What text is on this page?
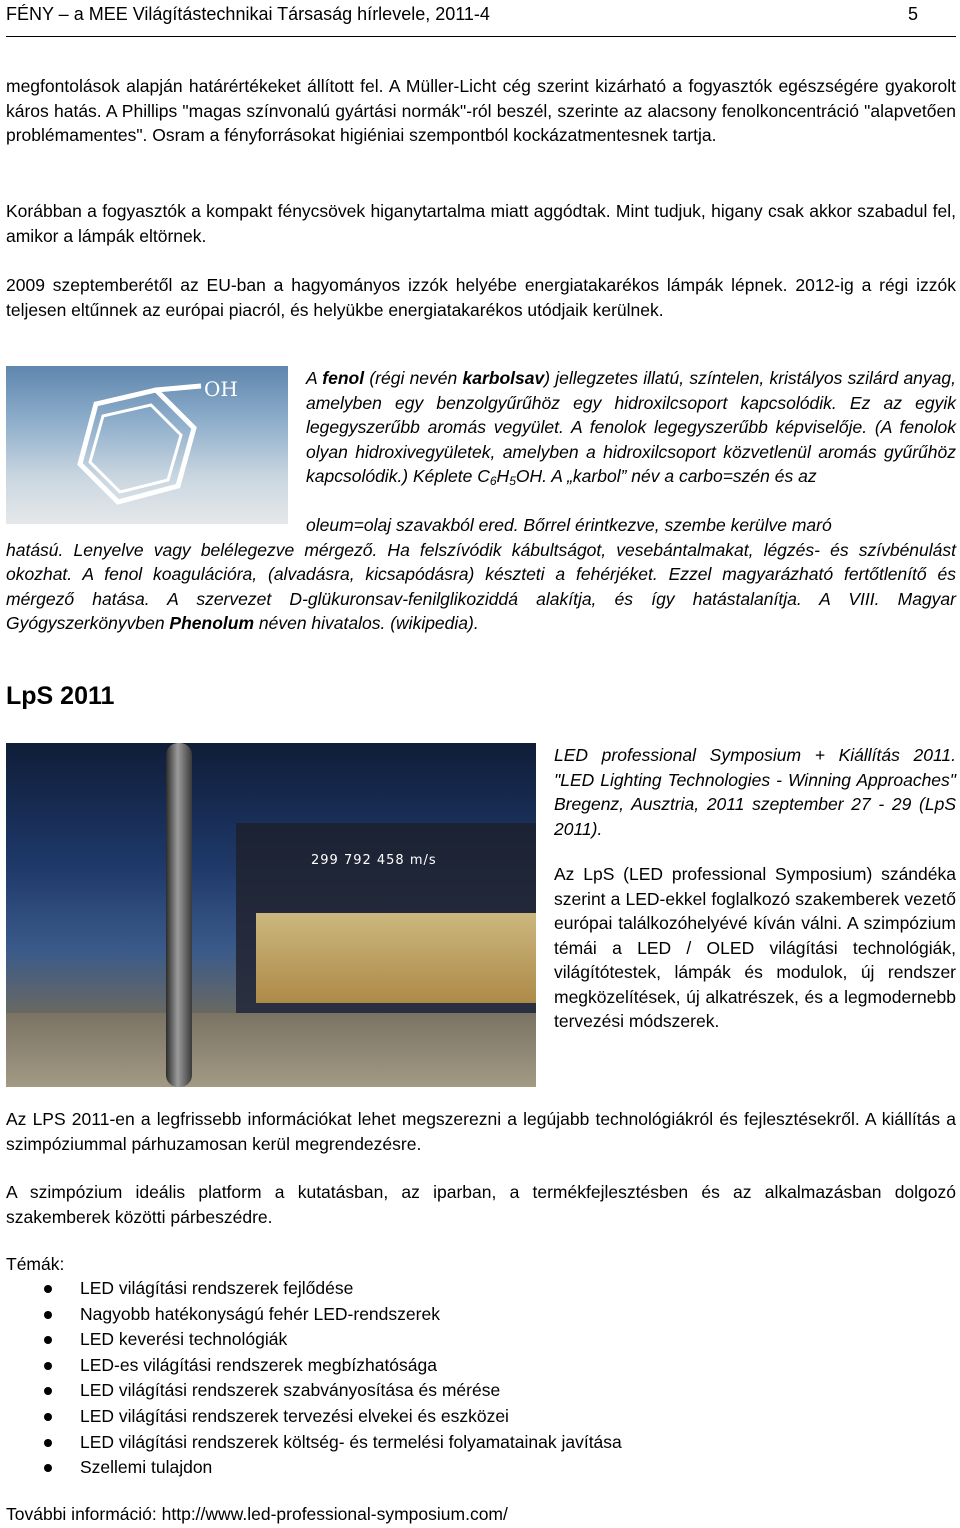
FÉNY – a MEE Világítástechnikai Társaság hírlevele, 2011-4	5

megfontolások alapján határértékeket állított fel. A Müller-Licht cég szerint kizárható a fogyasztók egészségére gyakorolt káros hatás. A Phillips "magas színvonalú gyártási normák"-ról beszél, szerinte az alacsony fenolkoncentráció "alapvetően problémamentes". Osram a fényforrásokat higiéniai szempontból kockázatmentesnek tartja.

Korábban a fogyasztók a kompakt fénycsövek higanytartalma miatt aggódtak. Mint tudjuk, higany csak akkor szabadul fel, amikor a lámpák eltörnek.

2009 szeptemberétől az EU-ban a hagyományos izzók helyébe energiatakarékos lámpák lépnek. 2012-ig a régi izzók teljesen eltűnnek az európai piacról, és helyükbe energiatakarékos utódjaik kerülnek.

OH	A fenol (régi nevén karbolsav) jellegzetes illatú, színtelen, kristályos szilárd anyag, amelyben egy benzolgyűrűhöz egy hidroxilcsoport kapcsolódik. Ez az egyik legegyszerűbb aromás vegyület. A fenolok legegyszerűbb képviselője. (A fenolok olyan hidroxivegyületek, amelyben a hidroxilcsoport közvetlenül aromás gyűrűhöz kapcsolódik.) Képlete $C_6H_5OH$. A „karbol” név a carbo=szén és az

oleum=olaj szavakból ered. Bőrrel érintkezve, szembe kerülve maró
hatású. Lenyelve vagy belélegezve mérgező. Ha felszívódik kábultságot, vesebántalmakat, légzés- és szívbénulást okozhat. A fenol koagulációra, (alvadásra, kicsapódásra) készteti a fehérjéket. Ezzel magyarázható fertőtlenítő és mérgező hatása. A szervezet D-glükuronsav-fenilglikoziddá alakítja, és így hatástalanítja. A VIII. Magyar Gyógyszerkönyvben Phenolum néven hivatalos. (wikipedia).

LpS 2011
299 792 458 m/s

LED professional Symposium + Kiállítás 2011. "LED Lighting Technologies - Winning Approaches" Bregenz, Ausztria, 2011 szeptember 27 - 29 (LpS 2011).

Az LpS (LED professional Symposium) szándéka szerint a LED-ekkel foglalkozó szakemberek vezető európai találkozóhelyévé kíván válni. A szimpózium témái a LED / OLED világítási technológiák, világítótestek, lámpák és modulok, új rendszer megközelítések, új alkatrészek, és a legmodernebb tervezési módszerek.

Az LPS 2011-en a legfrissebb információkat lehet megszerezni a legújabb technológiákról és fejlesztésekről. A kiállítás a szimpóziummal párhuzamosan kerül megrendezésre.

A szimpózium ideális platform a kutatásban, az iparban, a termékfejlesztésben és az alkalmazásban dolgozó szakemberek közötti párbeszédre.

Témák:
LED világítási rendszerek fejlődése
Nagyobb hatékonyságú fehér LED-rendszerek
LED keverési technológiák
LED-es világítási rendszerek megbízhatósága
LED világítási rendszerek szabványosítása és mérése
LED világítási rendszerek tervezési elvekei és eszközei
LED világítási rendszerek költség- és termelési folyamatainak javítása
Szellemi tulajdon
További információ: http://www.led-professional-symposium.com/
